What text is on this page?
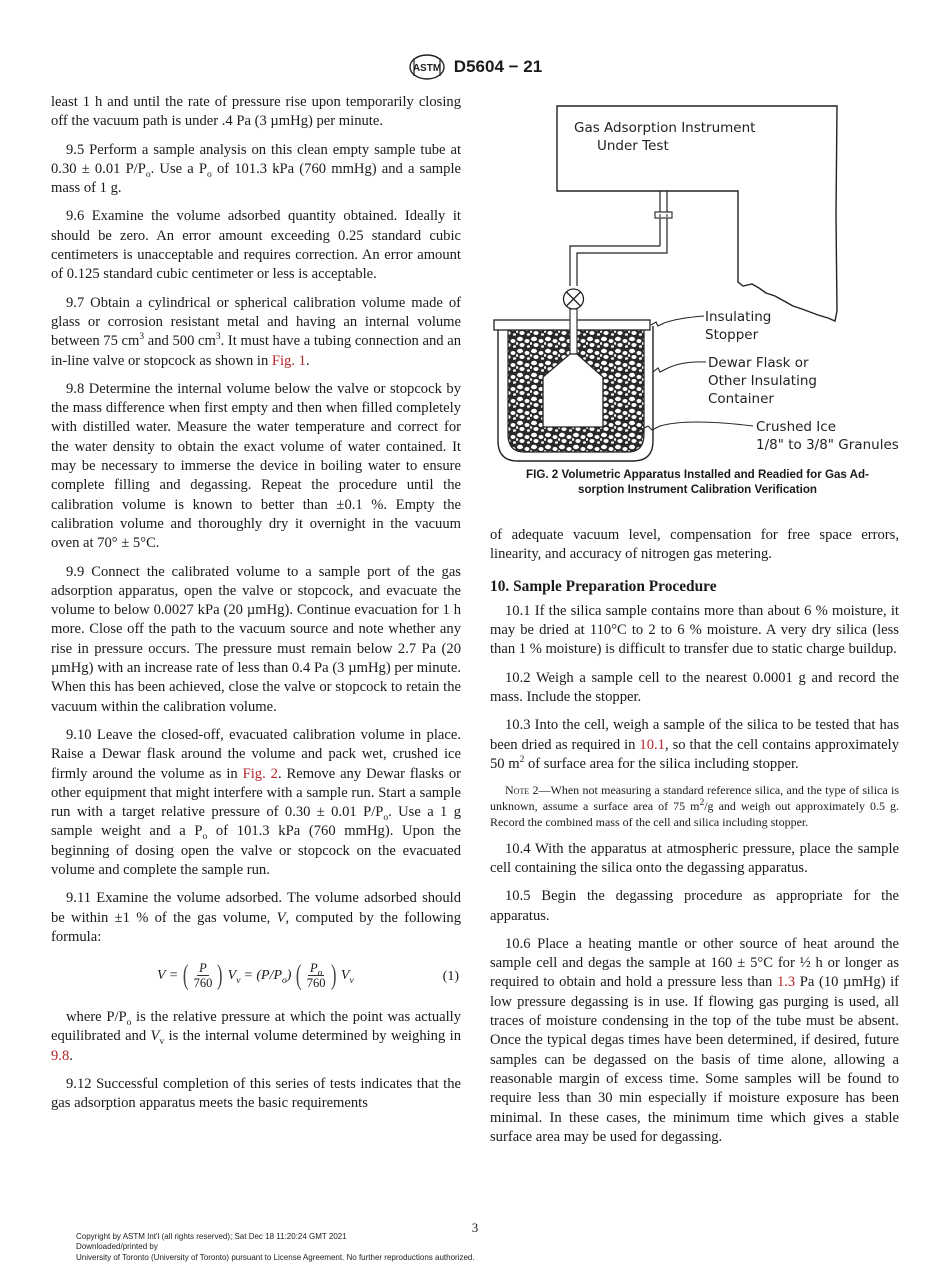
ASTM D5604 − 21

least 1 h and until the rate of pressure rise upon temporarily closing off the vacuum path is under .4 Pa (3 µmHg) per minute.

9.5 Perform a sample analysis on this clean empty sample tube at 0.30 ± 0.01 $P/P_o$. Use a $P_o$ of 101.3 kPa (760 mmHg) and a sample mass of 1 g.

9.6 Examine the volume adsorbed quantity obtained. Ideally it should be zero. An error amount exceeding 0.25 standard cubic centimeters is unacceptable and requires correction. An error amount of 0.125 standard cubic centimeter or less is acceptable.

9.7 Obtain a cylindrical or spherical calibration volume made of glass or corrosion resistant metal and having an internal volume between 75 $cm^3$ and 500 $cm^3$. It must have a tubing connection and an in-line valve or stopcock as shown in Fig. 1.

9.8 Determine the internal volume below the valve or stopcock by the mass difference when first empty and then when filled completely with distilled water. Measure the water temperature and correct for the water density to obtain the exact volume of water contained. It may be necessary to immerse the device in boiling water to ensure complete filling and degassing. Repeat the procedure until the calibration volume is known to better than ±0.1 %. Empty the calibration volume and thoroughly dry it overnight in the vacuum oven at 70° ± 5°C.

9.9 Connect the calibrated volume to a sample port of the gas adsorption apparatus, open the valve or stopcock, and evacuate the volume to below 0.0027 kPa (20 µmHg). Continue evacuation for 1 h more. Close off the path to the vacuum source and note whether any rise in pressure occurs. The pressure must remain below 2.7 Pa (20 µmHg) with an increase rate of less than 0.4 Pa (3 µmHg) per minute. When this has been achieved, close the valve or stopcock to retain the vacuum within the calibration volume.

9.10 Leave the closed-off, evacuated calibration volume in place. Raise a Dewar flask around the volume and pack wet, crushed ice firmly around the volume as in Fig. 2. Remove any Dewar flasks or other equipment that might interfere with a sample run. Start a sample run with a target relative pressure of 0.30 ± 0.01 $P/P_o$. Use a 1 g sample weight and a $P_o$ of 101.3 kPa (760 mmHg). Upon the beginning of dosing open the valve or stopcock on the evacuated volume and complete the sample run.

9.11 Examine the volume adsorbed. The volume adsorbed should be within ±1 % of the gas volume, V, computed by the following formula:

V = ( $\frac{P}{760}$ ) $V_v = (P/P_o)$ ( $\frac{P_o}{760}$ ) $V_v$	(1)

where $P/P_o$ is the relative pressure at which the point was actually equilibrated and $V_v$ is the internal volume determined by weighing in 9.8.

9.12 Successful completion of this series of tests indicates that the gas adsorption apparatus meets the basic requirements

Gas Adsorption Instrument
Under Test
Insulating
Stopper
Dewar Flask or
Other Insulating
Container
Crushed Ice
1/8" to 3/8" Granules
FIG. 2 Volumetric Apparatus Installed and Readied for Gas Ad-
sorption Instrument Calibration Verification

of adequate vacuum level, compensation for free space errors, linearity, and accuracy of nitrogen gas metering.

10. Sample Preparation Procedure

10.1 If the silica sample contains more than about 6 % moisture, it may be dried at 110°C to 2 to 6 % moisture. A very dry silica (less than 1 % moisture) is difficult to transfer due to static charge buildup.

10.2 Weigh a sample cell to the nearest 0.0001 g and record the mass. Include the stopper.

10.3 Into the cell, weigh a sample of the silica to be tested that has been dried as required in 10.1, so that the cell contains approximately 50 $m^2$ of surface area for the silica including stopper.

Note 2—When not measuring a standard reference silica, and the type of silica is unknown, assume a surface area of 75 $m^2/g$ and weigh out approximately 0.5 g. Record the combined mass of the cell and silica including stopper.

10.4 With the apparatus at atmospheric pressure, place the sample cell containing the silica onto the degassing apparatus.

10.5 Begin the degassing procedure as appropriate for the apparatus.

10.6 Place a heating mantle or other source of heat around the sample cell and degas the sample at 160 ± 5°C for ½ h or longer as required to obtain and hold a pressure less than 1.3 Pa (10 µmHg) if low pressure degassing is in use. If flowing gas purging is used, all traces of moisture condensing in the top of the tube must be absent. Once the typical degas times have been determined, if desired, future samples can be degassed on the basis of time alone, allowing a reasonable margin of excess time. Some samples will be found to require less than 30 min especially if moisture exposure has been minimal. In these cases, the minimum time which gives a stable surface area may be used for degassing.

3
Copyright by ASTM Int'l (all rights reserved); Sat Dec 18 11:20:24 GMT 2021
Downloaded/printed by
University of Toronto (University of Toronto) pursuant to License Agreement. No further reproductions authorized.
